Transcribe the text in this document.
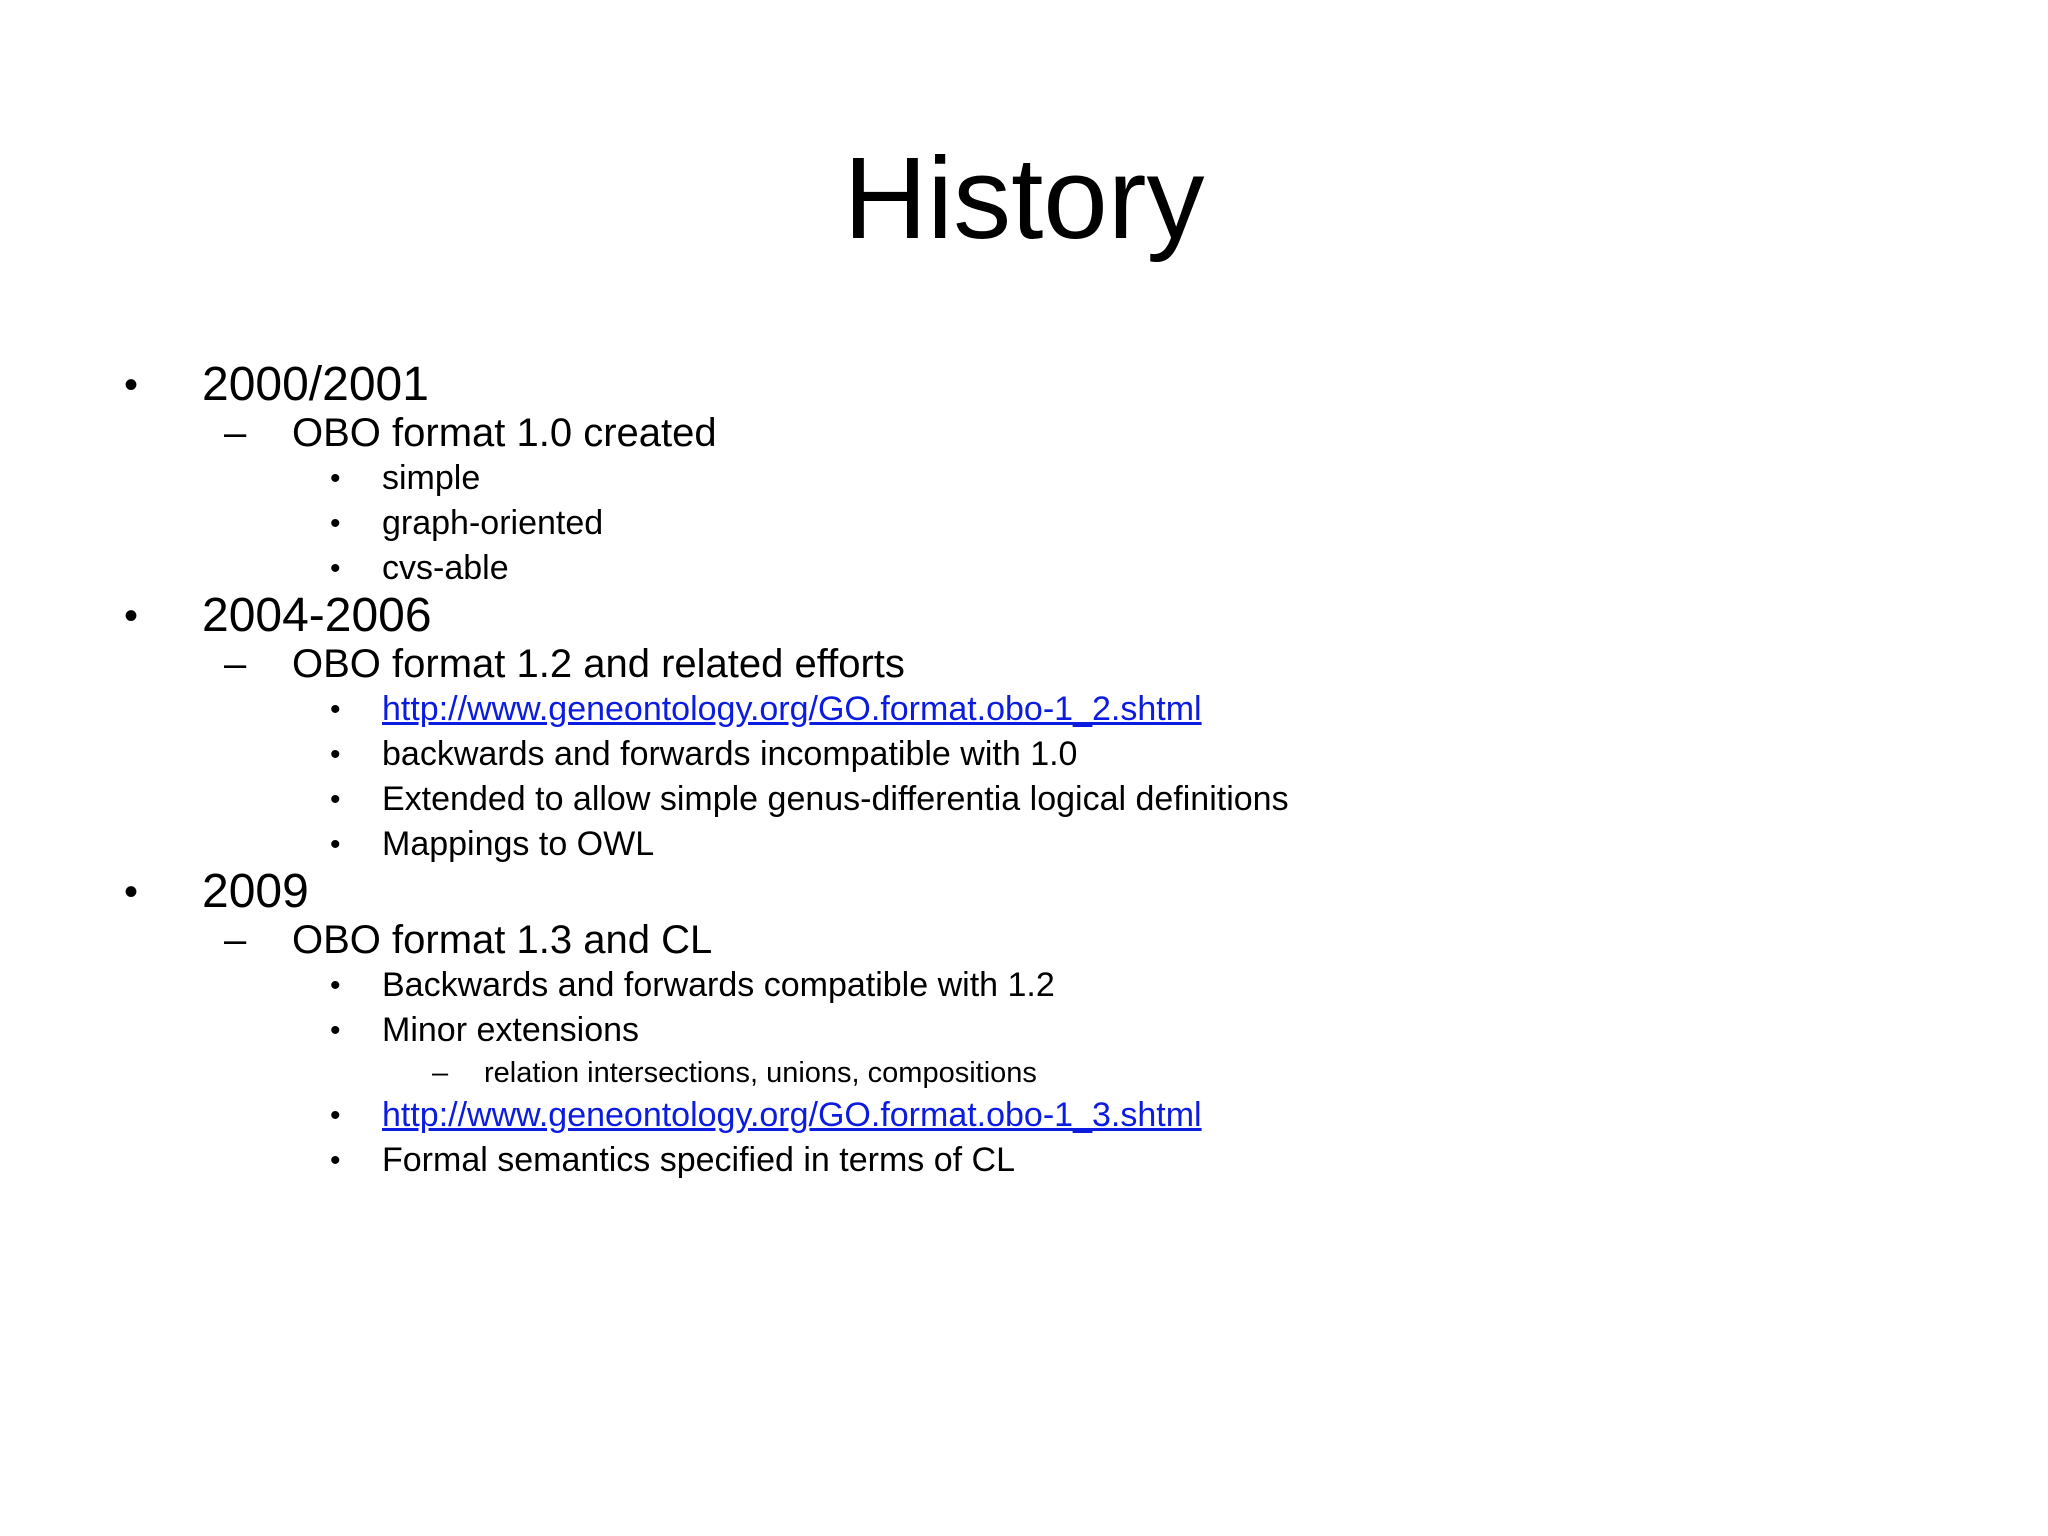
History
• 2000/2001
– OBO format 1.0 created
• simple
• graph-oriented
• cvs-able
• 2004-2006
– OBO format 1.2 and related efforts
• http://www.geneontology.org/GO.format.obo-1_2.shtml
• backwards and forwards incompatible with 1.0
• Extended to allow simple genus-differentia logical definitions
• Mappings to OWL
• 2009
– OBO format 1.3 and CL
• Backwards and forwards compatible with 1.2
• Minor extensions
– relation intersections, unions, compositions
• http://www.geneontology.org/GO.format.obo-1_3.shtml
• Formal semantics specified in terms of CL
